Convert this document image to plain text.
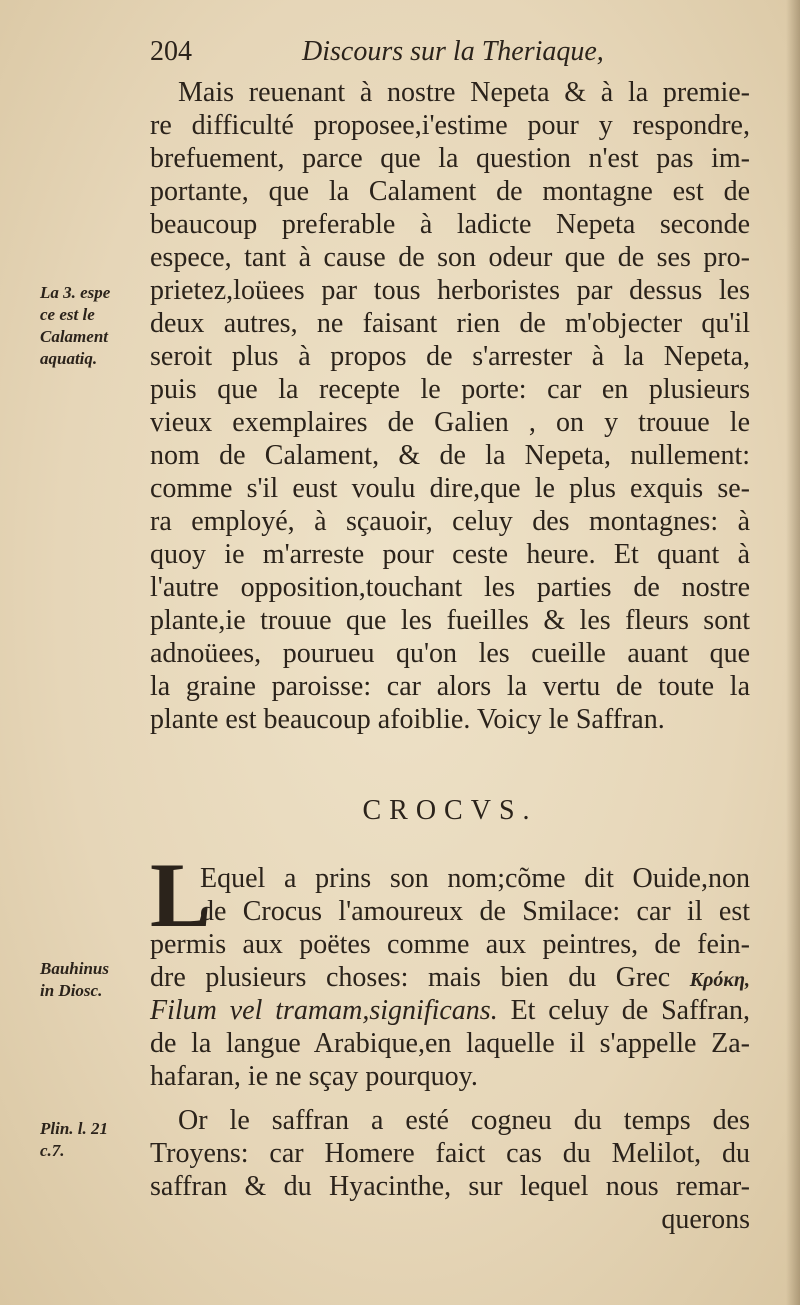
204	Discours sur la Theriaque,
Mais reuenant à nostre Nepeta & à la premie-
re difficulté proposee,i'estime pour y respondre,
brefuement, parce que la question n'est pas im-
portante, que la Calament de montagne est de
beaucoup preferable à ladicte Nepeta seconde
espece, tant à cause de son odeur que de ses pro-
prietez,loüees par tous herboristes par dessus les
deux autres, ne faisant rien de m'objecter qu'il
seroit plus à propos de s'arrester à la Nepeta,
puis que la recepte le porte: car en plusieurs
vieux exemplaires de Galien , on y trouue le
nom de Calament, & de la Nepeta, nullement:
comme s'il eust voulu dire,que le plus exquis se-
ra employé, à sçauoir, celuy des montagnes: à
quoy ie m'arreste pour ceste heure. Et quant à
l'autre opposition,touchant les parties de nostre
plante,ie trouue que les fueilles & les fleurs sont
adnoüees, pourueu qu'on les cueille auant que
la graine paroisse: car alors la vertu de toute la
plante est beaucoup afoiblie. Voicy le Saffran.
CROCVS.
L
Equel a prins son nom;cõme dit Ouide,non
de Crocus l'amoureux de Smilace: car il est
permis aux poëtes comme aux peintres, de fein-
dre plusieurs choses: mais bien du Grec Κρόκη,
Filum vel tramam,significans. Et celuy de Saffran,
de la langue Arabique,en laquelle il s'appelle Za-
hafaran, ie ne sçay pourquoy.
Or le saffran a esté cogneu du temps des
Troyens: car Homere faict cas du Melilot, du
saffran & du Hyacinthe, sur lequel nous remar-
querons
La 3. espe
ce est le
Calament
aquatiq.
Bauhinus
in Diosc.
Plin. l. 21
c.7.
